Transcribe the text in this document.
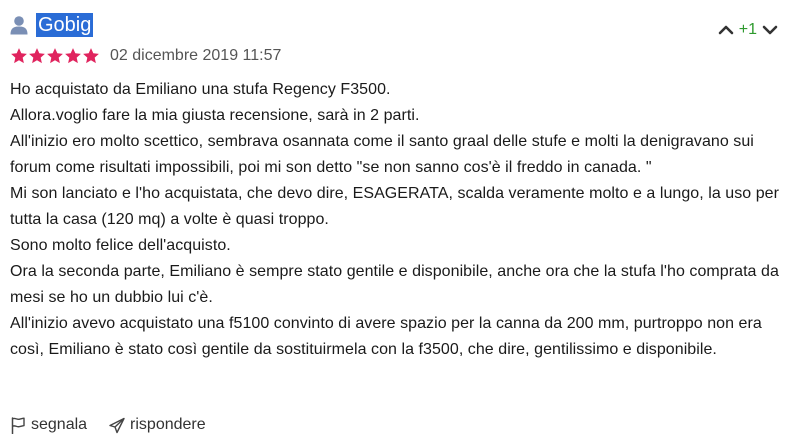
Gobig	+1
02 dicembre 2019 11:57

Ho acquistato da Emiliano una stufa Regency F3500.

Allora.voglio fare la mia giusta recensione, sarà in 2 parti.

All'inizio ero molto scettico, sembrava osannata come il santo graal delle stufe e molti la denigravano sui forum come risultati impossibili, poi mi son detto "se non sanno cos'è il freddo in canada. "

Mi son lanciato e l'ho acquistata, che devo dire, ESAGERATA, scalda veramente molto e a lungo, la uso per tutta la casa (120 mq) a volte è quasi troppo.

Sono molto felice dell'acquisto.

Ora la seconda parte, Emiliano è sempre stato gentile e disponibile, anche ora che la stufa l'ho comprata da mesi se ho un dubbio lui c'è.

All'inizio avevo acquistato una f5100 convinto di avere spazio per la canna da 200 mm, purtroppo non era così, Emiliano è stato così gentile da sostituirmela con la f3500, che dire, gentilissimo e disponibile.

segnala	rispondere
